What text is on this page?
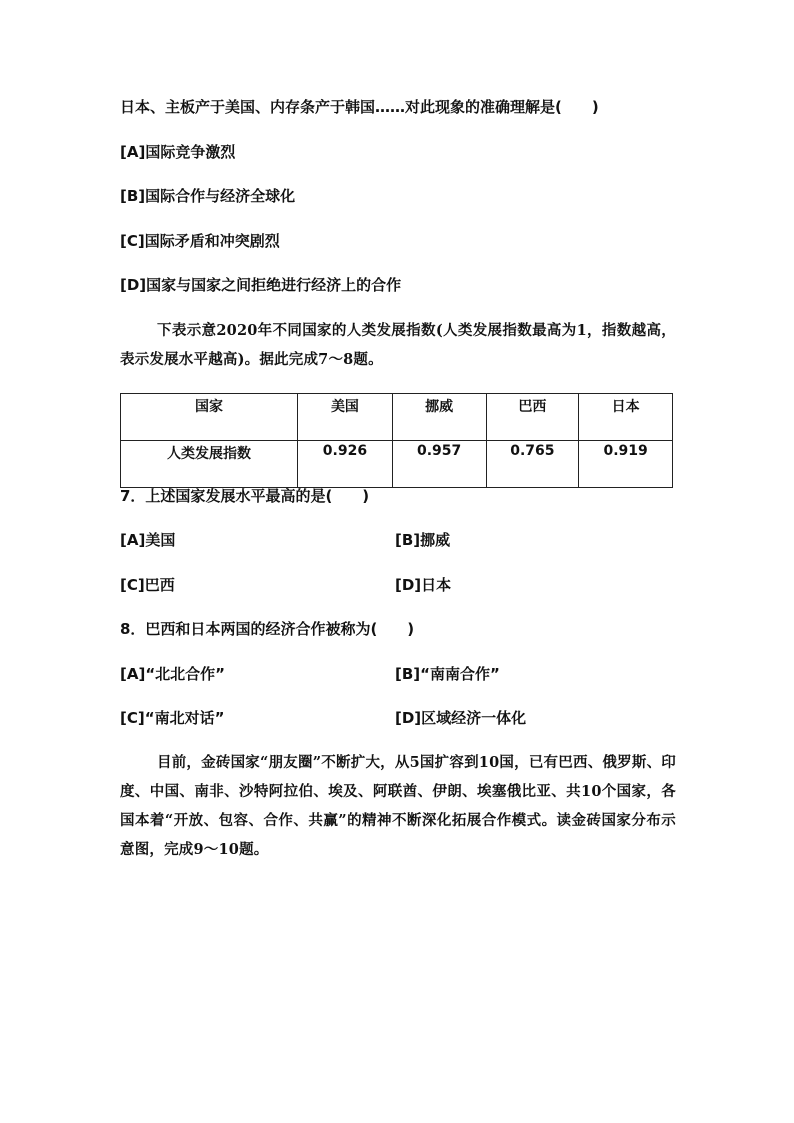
日本、主板产于美国、内存条产于韩国……对此现象的准确理解是(　　)
[A]国际竞争激烈
[B]国际合作与经济全球化
[C]国际矛盾和冲突剧烈
[D]国家与国家之间拒绝进行经济上的合作
下表示意2020年不同国家的人类发展指数(人类发展指数最高为1，指数越高，表示发展水平越高)。据此完成7～8题。
国家	美国	挪威	巴西	日本
人类发展指数	0.926	0.957	0.765	0.919
7．上述国家发展水平最高的是(　　)
[A]美国	[B]挪威
[C]巴西	[D]日本
8．巴西和日本两国的经济合作被称为(　　)
[A]“北北合作”	[B]“南南合作”
[C]“南北对话”	[D]区域经济一体化
目前，金砖国家“朋友圈”不断扩大，从5国扩容到10国，已有巴西、俄罗斯、印度、中国、南非、沙特阿拉伯、埃及、阿联酋、伊朗、埃塞俄比亚、共10个国家，各国本着“开放、包容、合作、共赢”的精神不断深化拓展合作模式。读金砖国家分布示意图，完成9～10题。
